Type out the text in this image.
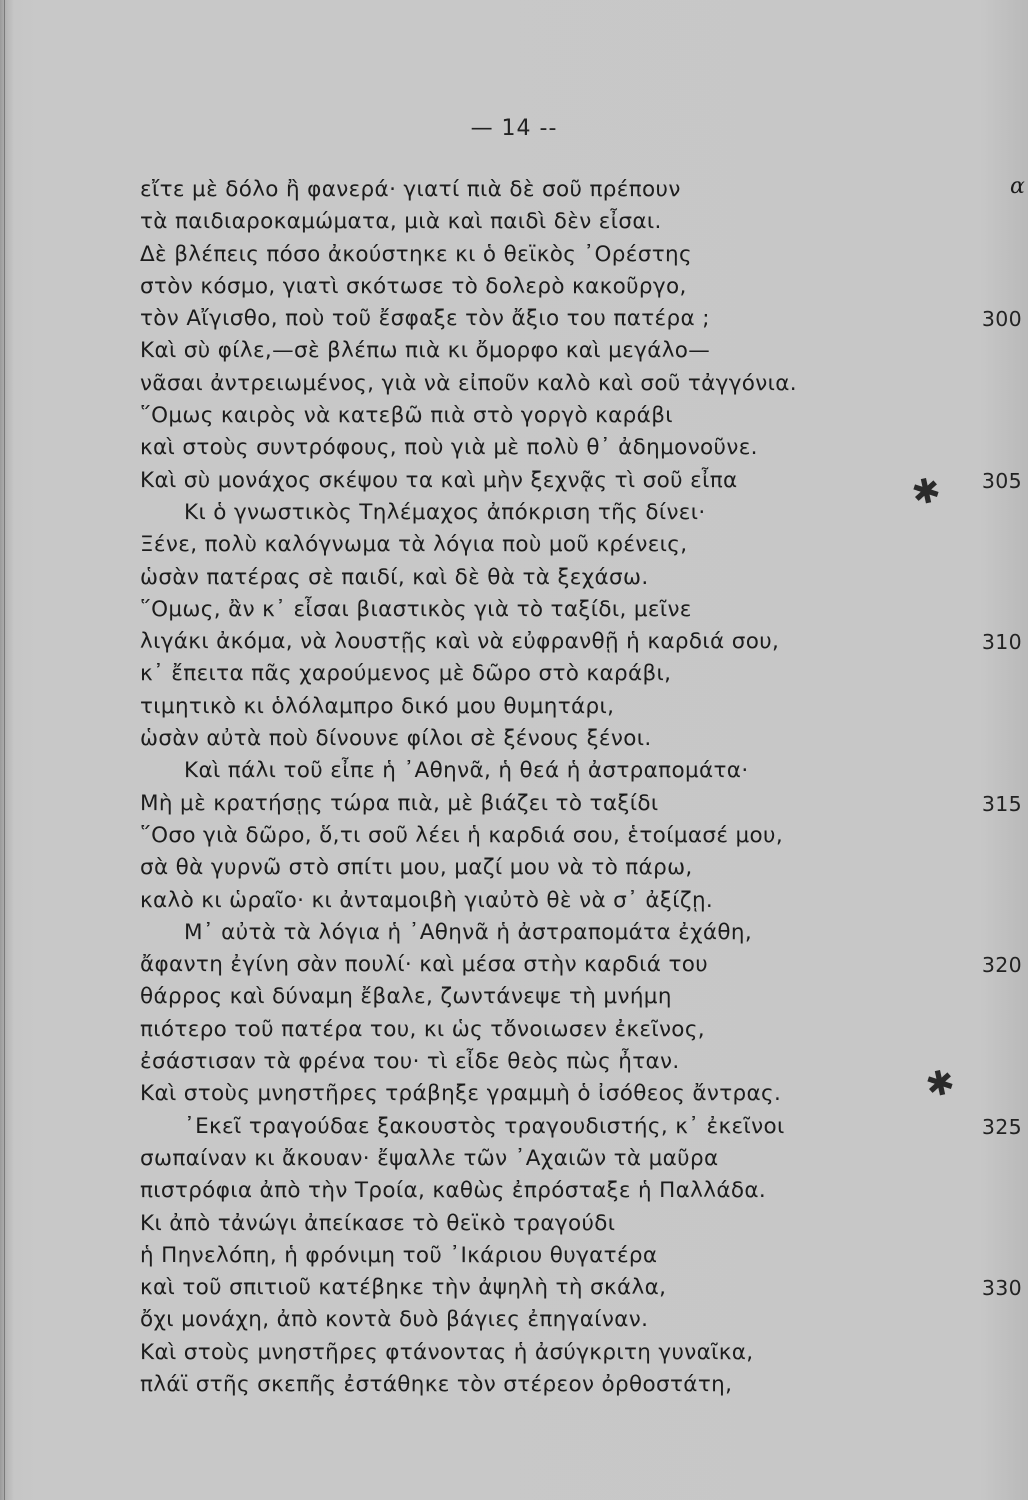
— 14 --
α
εἴτε μὲ δόλο ἢ φανερά· γιατί πιὰ δὲ σοῦ πρέπουν
τὰ παιδιαροκαμώματα, μιὰ καὶ παιδὶ δὲν εἶσαι.
Δὲ βλέπεις πόσο ἀκούστηκε κι ὁ θεϊκὸς ᾿Ορέστης
στὸν κόσμο, γιατὶ σκότωσε τὸ δολερὸ κακοῦργο,
τὸν Αἴγισθο, ποὺ τοῦ ἔσφαξε τὸν ἄξιο του πατέρα ;	300
Καὶ σὺ φίλε,—σὲ βλέπω πιὰ κι ὄμορφο καὶ μεγάλο—
νᾶσαι ἀντρειωμένος, γιὰ νὰ εἰποῦν καλὸ καὶ σοῦ τἀγγόνια.
῞Ομως καιρὸς νὰ κατεβῶ πιὰ στὸ γοργὸ καράβι
καὶ στοὺς συντρόφους, ποὺ γιὰ μὲ πολὺ θ᾿ ἀδημονοῦνε.
Καὶ σὺ μονάχος σκέψου τα καὶ μὴν ξεχνᾷς τὶ σοῦ εἶπα	305
Κι ὁ γνωστικὸς Τηλέμαχος ἀπόκριση τῆς δίνει·
Ξένε, πολὺ καλόγνωμα τὰ λόγια ποὺ μοῦ κρένεις,
ὡσὰν πατέρας σὲ παιδί, καὶ δὲ θὰ τὰ ξεχάσω.
῞Ομως, ἂν κ᾿ εἶσαι βιαστικὸς γιὰ τὸ ταξίδι, μεῖνε
λιγάκι ἀκόμα, νὰ λουστῇς καὶ νὰ εὐφρανθῇ ἡ καρδιά σου,	310
κ᾿ ἔπειτα πᾶς χαρούμενος μὲ δῶρο στὸ καράβι,
τιμητικὸ κι ὁλόλαμπρο δικό μου θυμητάρι,
ὡσὰν αὐτὰ ποὺ δίνουνε φίλοι σὲ ξένους ξένοι.
Καὶ πάλι τοῦ εἶπε ἡ ᾿Αθηνᾶ, ἡ θεά ἡ ἀστραπομάτα·
Μὴ μὲ κρατήσῃς τώρα πιὰ, μὲ βιάζει τὸ ταξίδι	315
῞Οσο γιὰ δῶρο, ὅ,τι σοῦ λέει ἡ καρδιά σου, ἑτοίμασέ μου,
σὰ θὰ γυρνῶ στὸ σπίτι μου, μαζί μου νὰ τὸ πάρω,
καλὸ κι ὡραῖο· κι ἀνταμοιβὴ γιαὐτὸ θὲ νὰ σ᾿ ἀξίζῃ.
Μ᾿ αὐτὰ τὰ λόγια ἡ ᾿Αθηνᾶ ἡ ἀστραπομάτα ἐχάθη,
ἄφαντη ἐγίνη σὰν πουλί· καὶ μέσα στὴν καρδιά του	320
θάρρος καὶ δύναμη ἔβαλε, ζωντάνεψε τὴ μνήμη
πιότερο τοῦ πατέρα του, κι ὡς τὄνοιωσεν ἐκεῖνος,
ἐσάστισαν τὰ φρένα του· τὶ εἶδε θεὸς πὼς ἦταν.
Καὶ στοὺς μνηστῆρες τράβηξε γραμμὴ ὁ ἰσόθεος ἄντρας.
᾿Εκεῖ τραγούδαε ξακουστὸς τραγουδιστής, κ᾿ ἐκεῖνοι	325
σωπαίναν κι ἄκουαν· ἔψαλλε τῶν ᾿Αχαιῶν τὰ μαῦρα
πιστρόφια ἀπὸ τὴν Τροία, καθὼς ἐπρόσταξε ἡ Παλλάδα.
Κι ἀπὸ τἀνώγι ἀπείκασε τὸ θεϊκὸ τραγούδι
ἡ Πηνελόπη, ἡ φρόνιμη τοῦ ᾿Ικάριου θυγατέρα
καὶ τοῦ σπιτιοῦ κατέβηκε τὴν ἀψηλὴ τὴ σκάλα,	330
ὄχι μονάχη, ἀπὸ κοντὰ δυὸ βάγιες ἐπηγαίναν.
Καὶ στοὺς μνηστῆρες φτάνοντας ἡ ἀσύγκριτη γυναῖκα,
πλάϊ στῆς σκεπῆς ἐστάθηκε τὸν στέρεον ὀρθοστάτη,
✱
✱
